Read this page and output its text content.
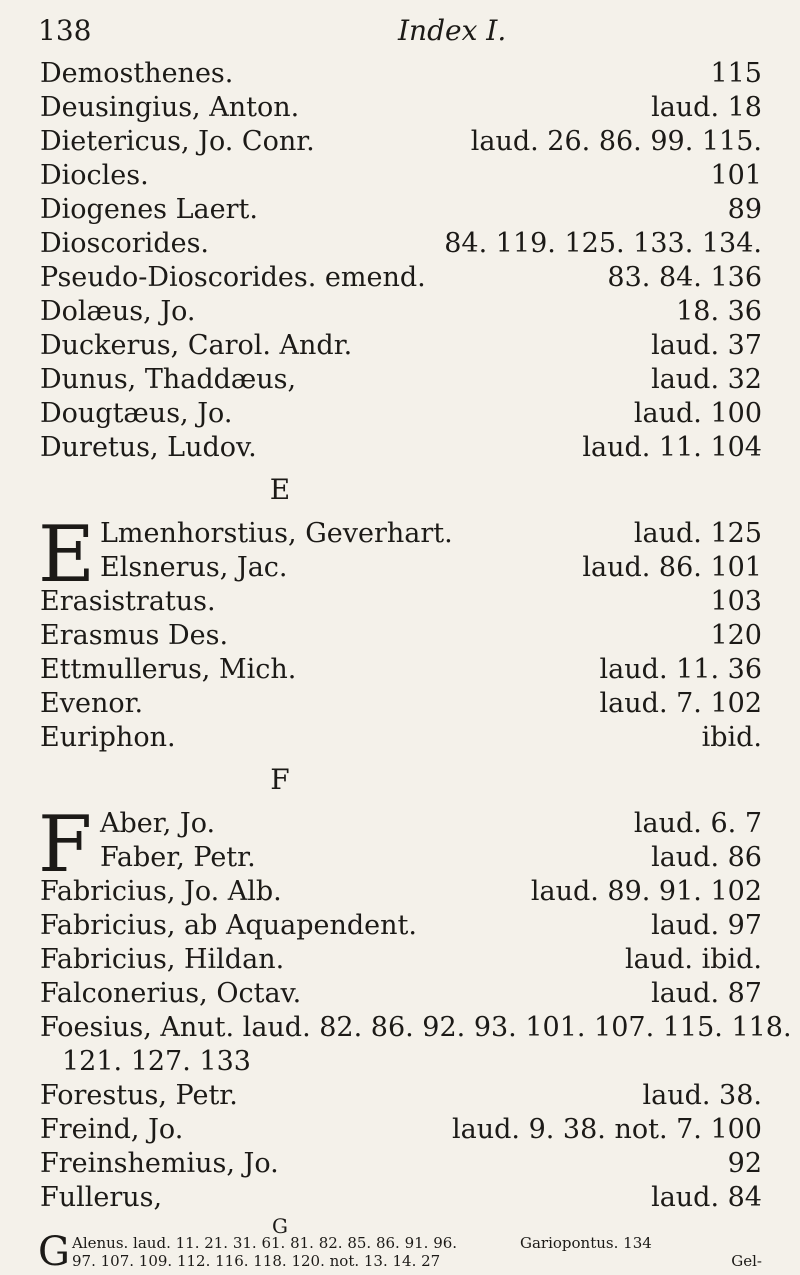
138	Index I.
Demosthenes.	115
Deusingius, Anton.	laud. 18
Dietericus, Jo. Conr.	laud. 26. 86. 99. 115.
Diocles.	101
Diogenes Laert.	89
Dioscorides.	84. 119. 125. 133. 134.
Pseudo-Dioscorides. emend.	83. 84. 136
Dolæus, Jo.	18. 36
Duckerus, Carol. Andr.	laud. 37
Dunus, Thaddæus,	laud. 32
Dougtæus, Jo.	laud. 100
Duretus, Ludov.	laud. 11. 104
E
E Lmenhorstius, Geverhart.	laud. 125
Elsnerus, Jac.	laud. 86. 101
Erasistratus.	103
Erasmus Des.	120
Ettmullerus, Mich.	laud. 11. 36
Evenor.	laud. 7. 102
Euriphon.	ibid.
F
F Aber, Jo.	laud. 6. 7
Faber, Petr.	laud. 86
Fabricius, Jo. Alb.	laud. 89. 91. 102
Fabricius, ab Aquapendent.	laud. 97
Fabricius, Hildan.	laud. ibid.
Falconerius, Octav.	laud. 87
Foesius, Anut. laud. 82. 86. 92. 93. 101. 107. 115. 118.
121. 127. 133
Forestus, Petr.	laud. 38.
Freind, Jo.	laud. 9. 38. not. 7. 100
Freinshemius, Jo.	92
Fullerus,	laud. 84
G
G Alenus. laud. 11. 21. 31. 61. 81. 82. 85. 86. 91. 96.
97. 107. 109. 112. 116. 118. 120. not. 13. 14. 27
Gariopontus. 134
Gel-
